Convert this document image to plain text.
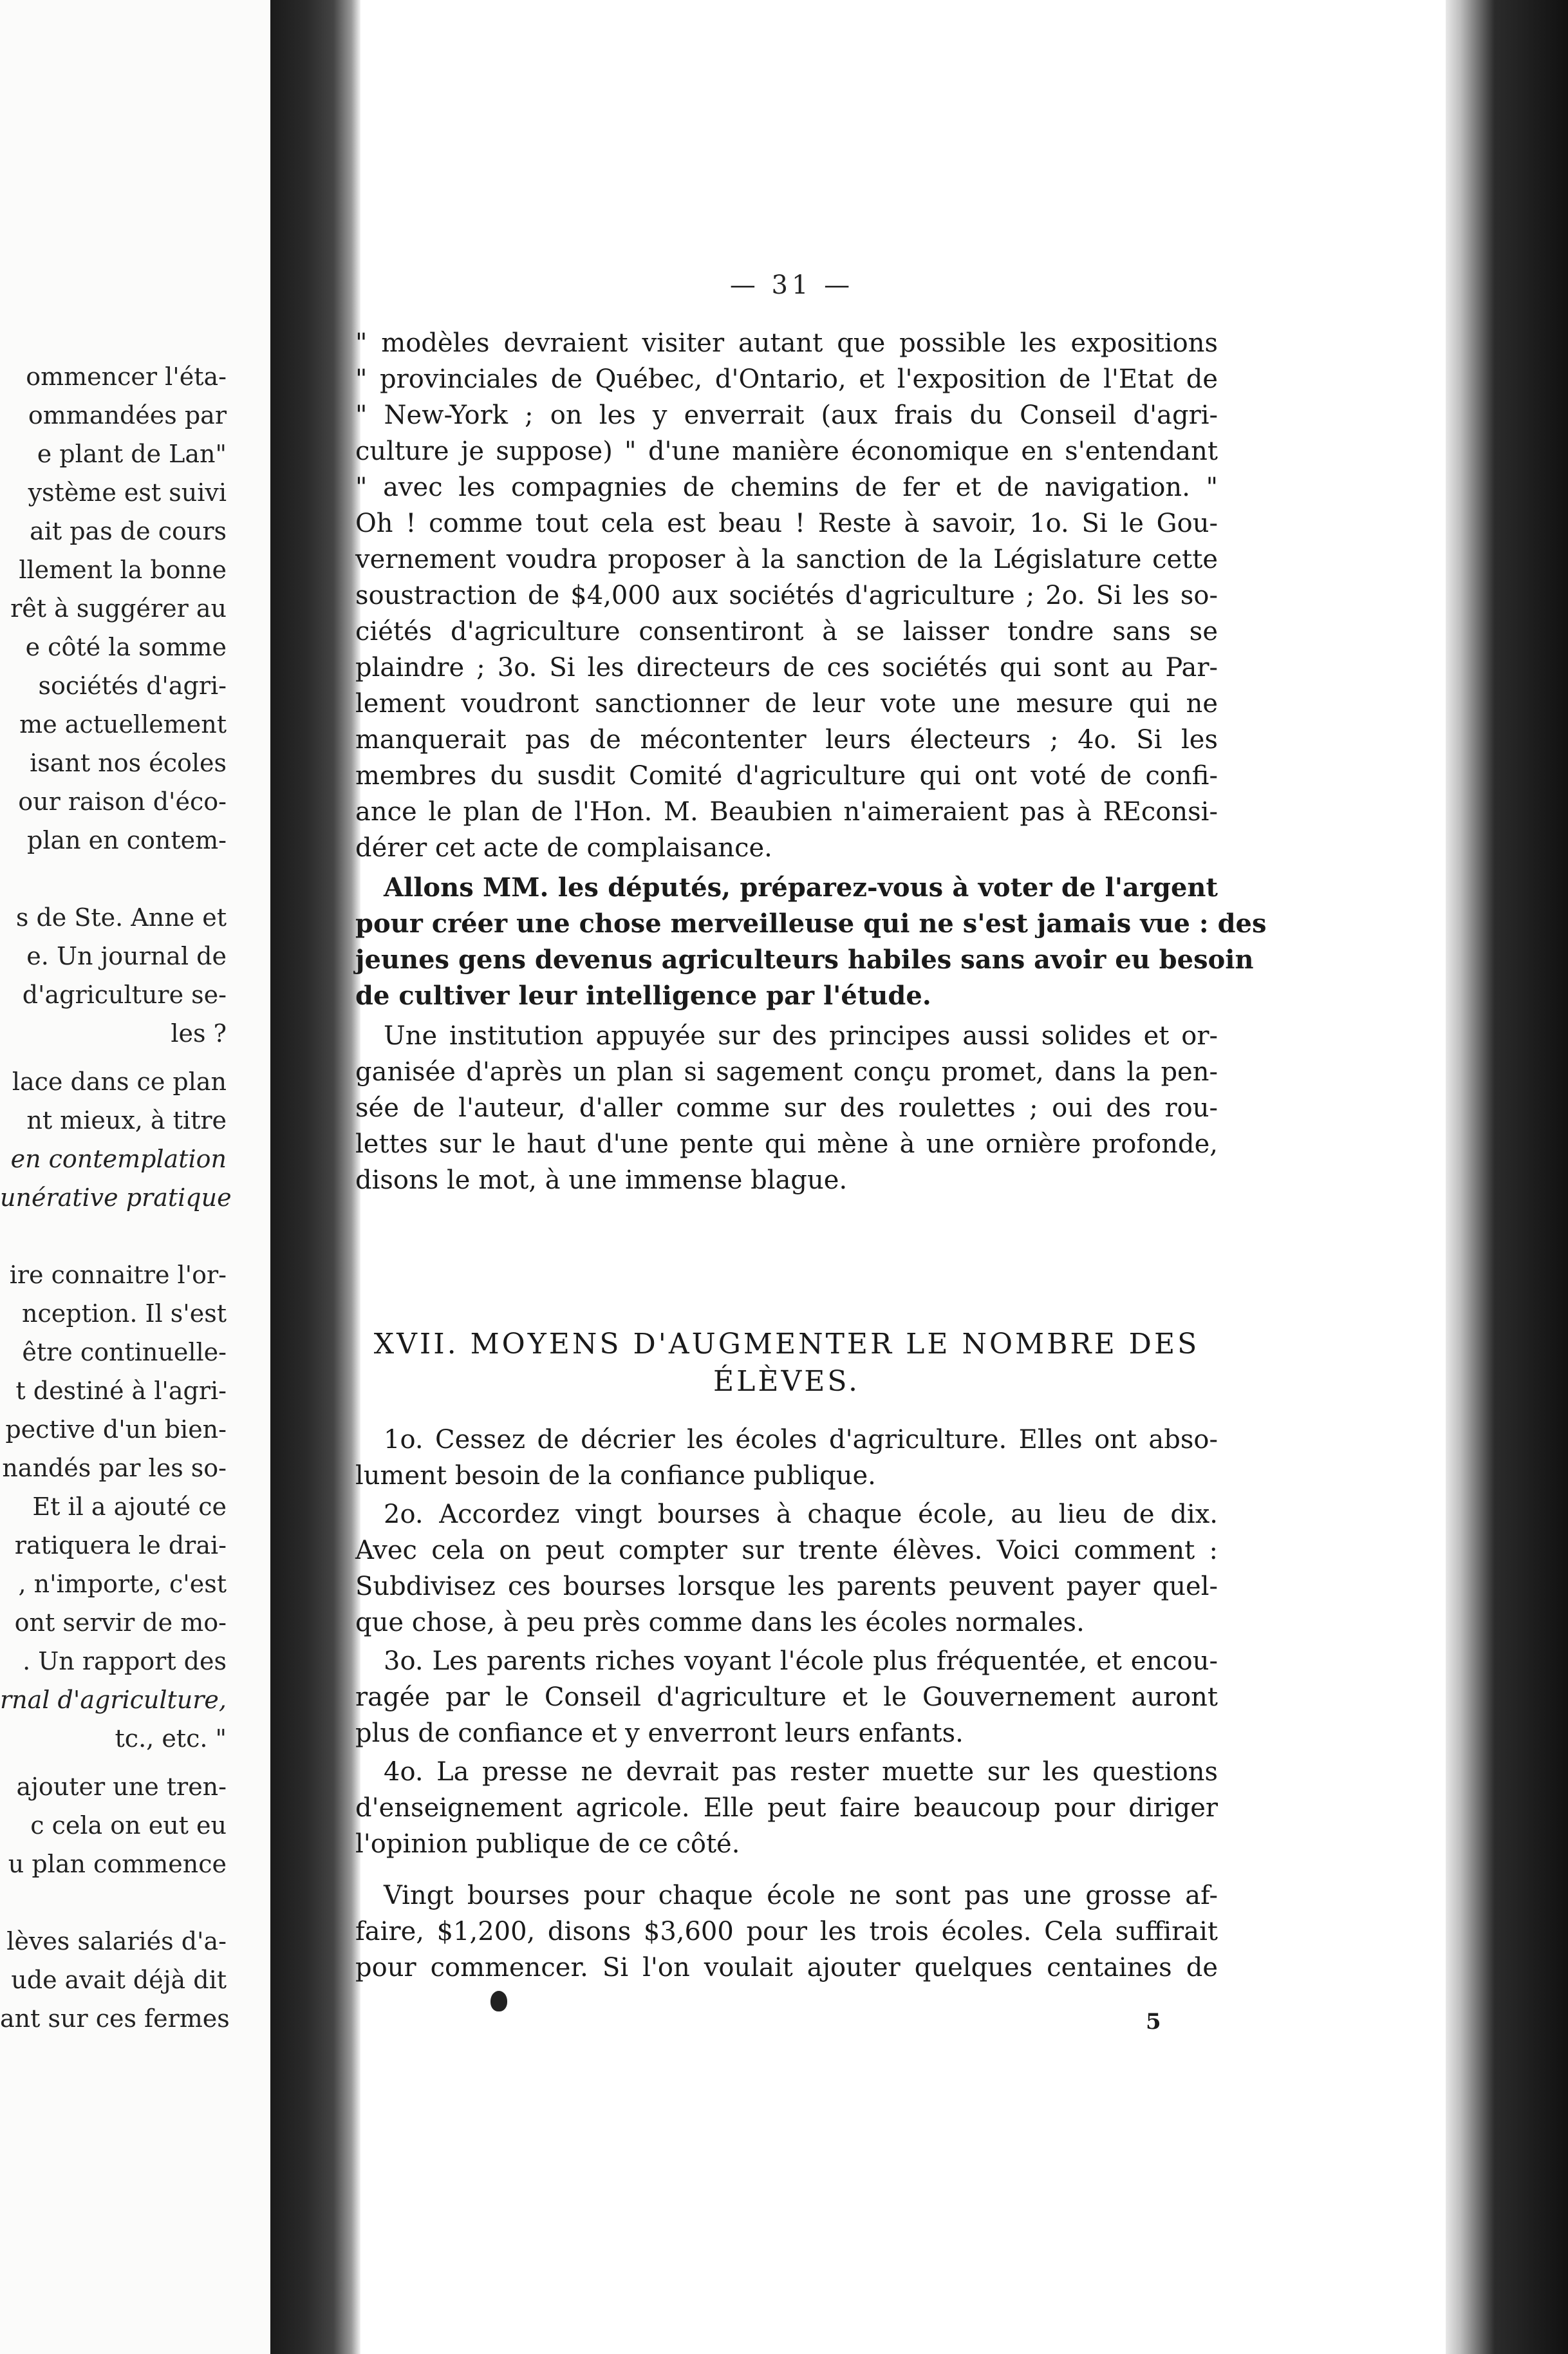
ommencer l'éta-
ommandées par
e plant de Lan"
ystème est suivi
ait pas de cours
llement la bonne
rêt à suggérer au
e côté la somme
sociétés d'agri-
me actuellement
isant nos écoles
our raison d'éco-
plan en contem-
s de Ste. Anne et
e. Un journal de
d'agriculture se-
les ?
lace dans ce plan
nt mieux, à titre
en contemplation
unérative pratique
ire connaitre l'or-
nception. Il s'est
être continuelle-
t destiné à l'agri-
pective d'un bien-
nandés par les so-
Et il a ajouté ce
ratiquera le drai-
, n'importe, c'est
ont servir de mo-
. Un rapport des
rnal d'agriculture,
tc., etc. "
ajouter une tren-
c cela on eut eu
u plan commence
lèves salariés d'a-
ude avait déjà dit
ant sur ces fermes
— 31 —
" modèles devraient visiter autant que possible les expositions
" provinciales de Québec, d'Ontario, et l'exposition de l'Etat de
" New-York ; on les y enverrait (aux frais du Conseil d'agri-
culture je suppose) " d'une manière économique en s'entendant
" avec les compagnies de chemins de fer et de navigation. "
Oh ! comme tout cela est beau ! Reste à savoir, 1o. Si le Gou-
vernement voudra proposer à la sanction de la Législature cette
soustraction de $4,000 aux sociétés d'agriculture ; 2o. Si les so-
ciétés d'agriculture consentiront à se laisser tondre sans se
plaindre ; 3o. Si les directeurs de ces sociétés qui sont au Par-
lement voudront sanctionner de leur vote une mesure qui ne
manquerait pas de mécontenter leurs électeurs ; 4o. Si les
membres du susdit Comité d'agriculture qui ont voté de confi-
ance le plan de l'Hon. M. Beaubien n'aimeraient pas à REconsi-
dérer cet acte de complaisance.
Allons MM. les députés, préparez-vous à voter de l'argent
pour créer une chose merveilleuse qui ne s'est jamais vue : des
jeunes gens devenus agriculteurs habiles sans avoir eu besoin
de cultiver leur intelligence par l'étude.
Une institution appuyée sur des principes aussi solides et or-
ganisée d'après un plan si sagement conçu promet, dans la pen-
sée de l'auteur, d'aller comme sur des roulettes ; oui des rou-
lettes sur le haut d'une pente qui mène à une ornière profonde,
disons le mot, à une immense blague.
XVII. MOYENS D'AUGMENTER LE NOMBRE DES
ÉLÈVES.
1o. Cessez de décrier les écoles d'agriculture. Elles ont abso-
lument besoin de la confiance publique.
2o. Accordez vingt bourses à chaque école, au lieu de dix.
Avec cela on peut compter sur trente élèves. Voici comment :
Subdivisez ces bourses lorsque les parents peuvent payer quel-
que chose, à peu près comme dans les écoles normales.
3o. Les parents riches voyant l'école plus fréquentée, et encou-
ragée par le Conseil d'agriculture et le Gouvernement auront
plus de confiance et y enverront leurs enfants.
4o. La presse ne devrait pas rester muette sur les questions
d'enseignement agricole. Elle peut faire beaucoup pour diriger
l'opinion publique de ce côté.
Vingt bourses pour chaque école ne sont pas une grosse af-
faire, $1,200, disons $3,600 pour les trois écoles. Cela suffirait
pour commencer. Si l'on voulait ajouter quelques centaines de
5
